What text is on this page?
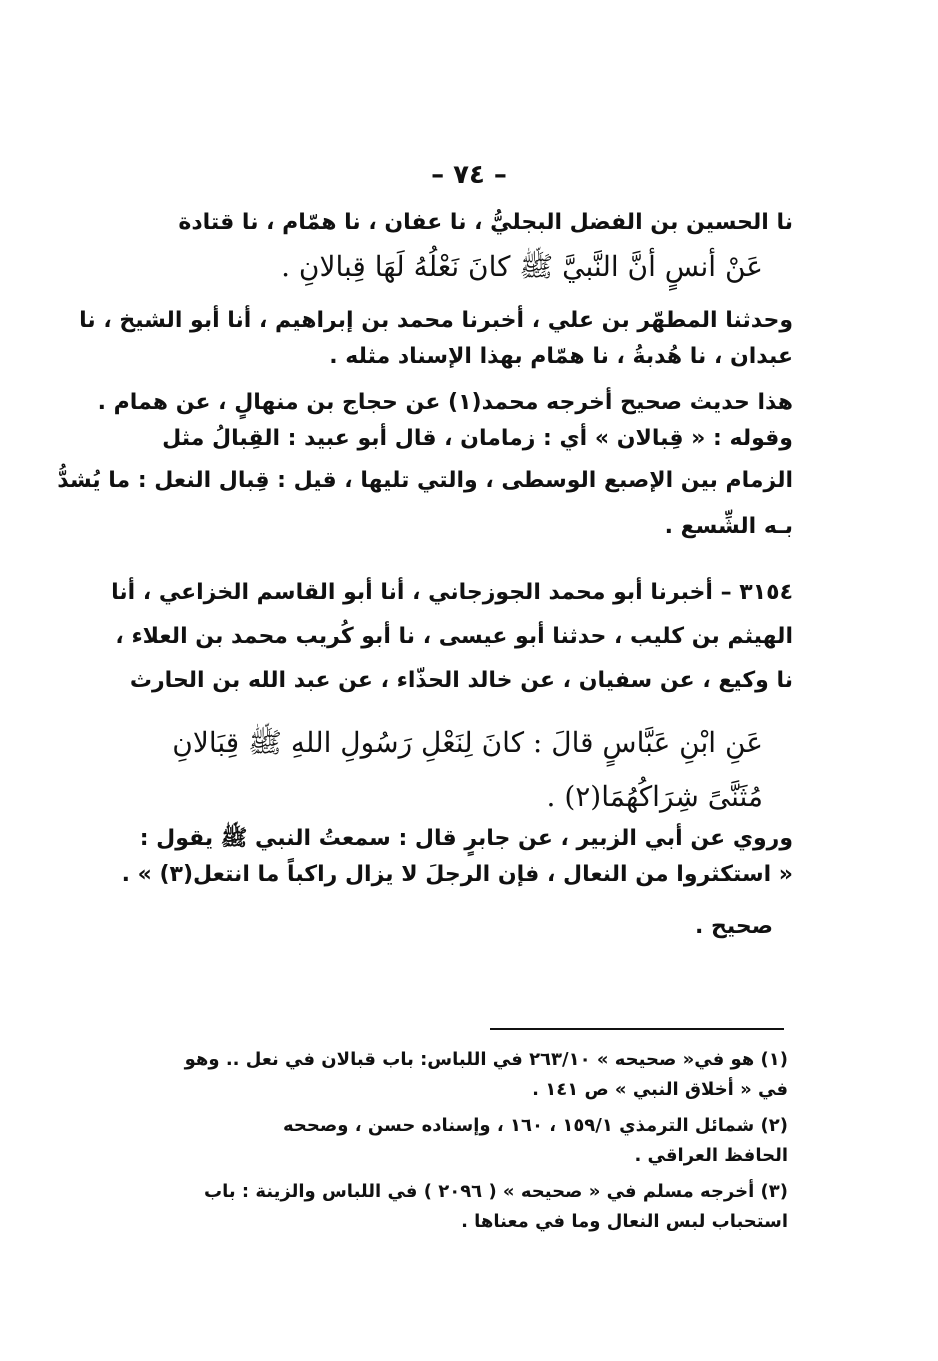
– ٧٤ –
نا الحسين بن الفضل البجليُّ ، نا عفان ، نا همّام ، نا قتادة
عَنْ أنسٍ أنَّ النَّبيَّ ﷺ كانَ نَعْلُهُ لَهَا قِبالانِ .
وحدثنا المطهّر بن علي ، أخبرنا محمد بن إبراهيم ، أنا أبو الشيخ ، نا
عبدان ، نا هُدبةُ ، نا همّام بهذا الإسناد مثله .
هذا حديث صحيح أخرجه محمد(١) عن حجاج بن منهالٍ ، عن همام .
وقوله : « قِبالان » أي : زمامان ، قال أبو عبيد : القِبالُ مثل
الزمام بين الإصبع الوسطى ، والتي تليها ، قيل : قِبال النعل : ما يُشدُّ
بـه الشِّسع .
٣١٥٤ – أخبرنا أبو محمد الجوزجاني ، أنا أبو القاسم الخزاعي ، أنا
الهيثم بن كليب ، حدثنا أبو عيسى ، نا أبو كُريب محمد بن العلاء ،
نا وكيع ، عن سفيان ، عن خالد الحذّاء ، عن عبد الله بن الحارث
عَنِ ابْنِ عَبَّاسٍ قالَ : كانَ لِنَعْلِ رَسُولِ اللهِ ﷺ قِبَالانِ
مُثَنَّىً شِرَاكُهُمَا(٢) .
وروي عن أبي الزبير ، عن جابرٍ قال : سمعتُ النبي ﷺ يقول :
« استكثروا من النعال ، فإن الرجلَ لا يزال راكباً ما انتعل(٣) » .
صحيح .
(١) هو في« صحيحه » ٢٦٣/١٠ في اللباس: باب قبالان في نعل .. وهو
في « أخلاق النبي » ص ١٤١ .
(٢) شمائل الترمذي ١٥٩/١ ، ١٦٠ ، وإسناده حسن ، وصححه
الحافظ العراقي .
(٣) أخرجه مسلم في « صحيحه » ( ٢٠٩٦ ) في اللباس والزينة : باب
استحباب لبس النعال وما في معناها .
